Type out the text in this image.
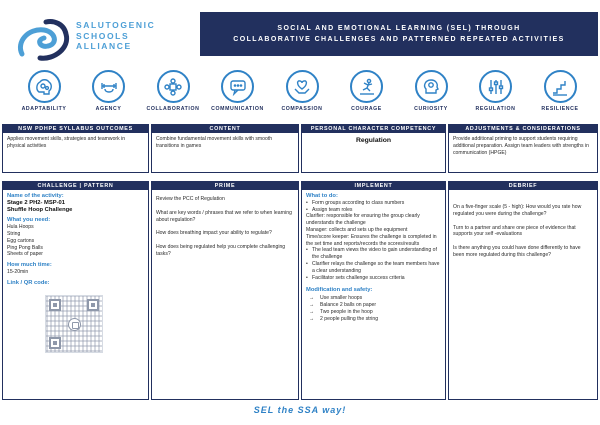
SALUTOGENIC
SCHOOLS
ALLIANCE
SOCIAL AND EMOTIONAL LEARNING (SEL) THROUGH
COLLABORATIVE CHALLENGES AND PATTERNED REPEATED ACTIVITIES
ADAPTABILITY	AGENCY	COLLABORATION COMMUNICATION	COMPASSION	COURAGE	CURIOSITY	REGULATION	RESILIENCE
NSW PDHPE SYLLABUS OUTCOMES
Applies movement skills, strategies and teamwork in physical activities
CONTENT
Combine fundamental movement skills with smooth transitions in games
PERSONAL CHARACTER COMPETENCY
Regulation
ADJUSTMENTS & CONSIDERATIONS
Provide additional priming to support students requiring additional preparation. Assign team leaders with strengths in communication (HPGE)
CHALLENGE | PATTERN
Name of the activity:
Stage 2 PH2- MSP-01
Shuffle Hoop Challenge
What you need:
Hula Hoops
String
Egg cartons
Ping Pong Balls
Sheets of paper
How much time:
15-20min
Link / QR code:
PRIME
Review the PCC of Regulation
What are key words / phrases that we refer to when learning about regulation?
How does breathing impact your ability to regulate?
How does being regulated help you complete challenging tasks?
IMPLEMENT
What to do:
• Form groups according to class numbers
• Assign team roles
Clarifier: responsible for ensuring the group clearly understands the challenge
Manager: collects and sets up the equipment
Time/score keeper: Ensures the challenge is completed in the set time and reports/records the scores/results
• The lead team views the video to gain understanding of the challenge
• Clarifier relays the challenge so the team members have a clear understanding
• Facilitator sets challenge success criteria
Modification and safety:
→ Use smaller hoops
→ Balance 2 balls on paper
→ Two people in the hoop
→ 2 people pulling the string
DEBRIEF
On a five-finger scale (5 - high): How would you rate how regulated you were during the challenge?
Turn to a partner and share one piece of evidence that supports your self -evaluations
Is there anything you could have done differently to have been more regulated during this challenge?
SEL the SSA way!
